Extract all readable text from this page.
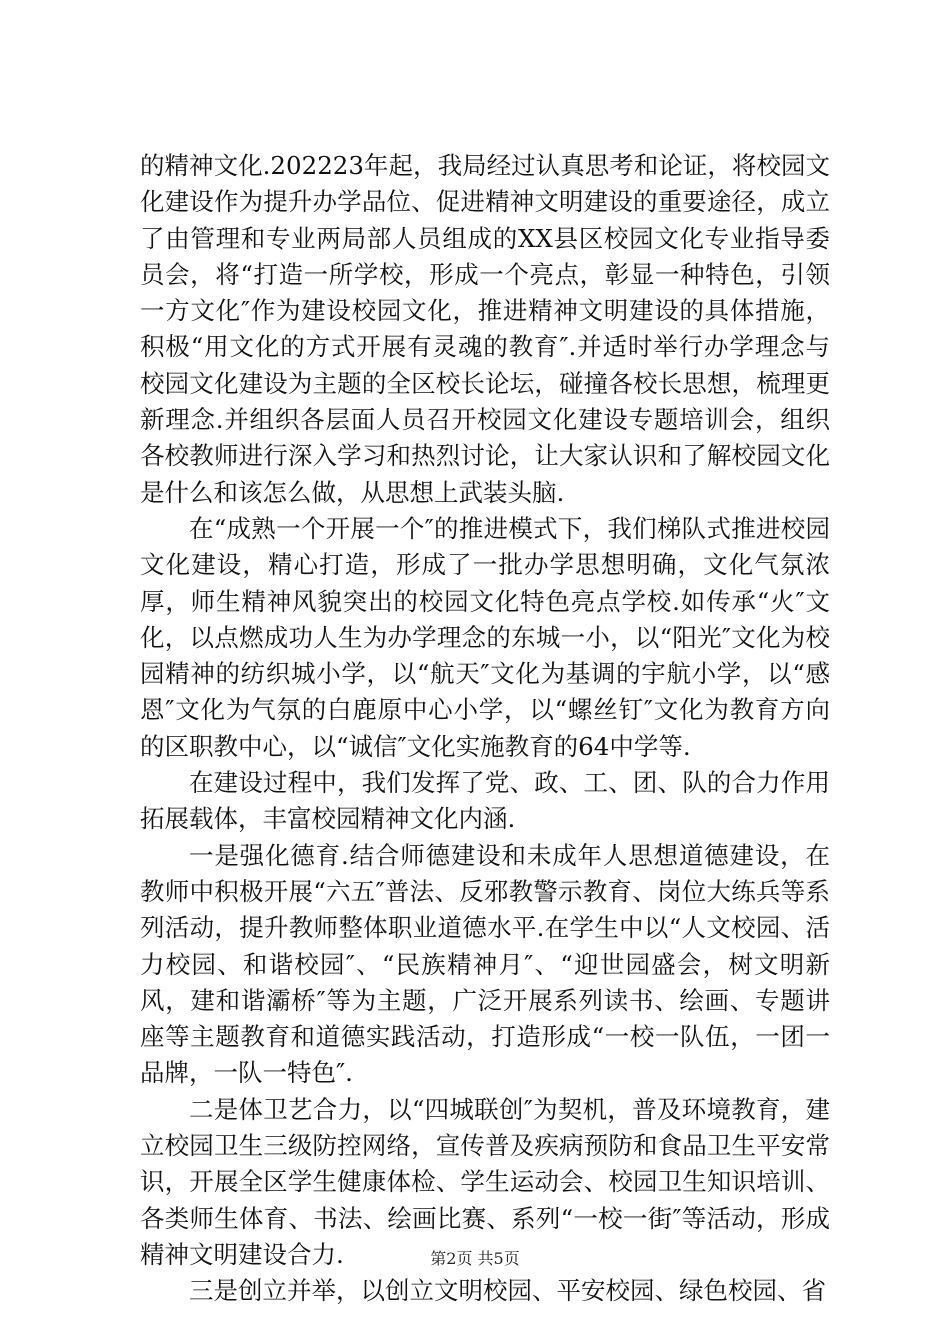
的精神文化.202223年起，我局经过认真思考和论证，将校园文化建设作为提升办学品位、促进精神文明建设的重要途径，成立了由管理和专业两局部人员组成的XX县区校园文化专业指导委员会，将“打造一所学校，形成一个亮点，彰显一种特色，引领一方文化″作为建设校园文化，推进精神文明建设的具体措施，积极“用文化的方式开展有灵魂的教育″.并适时举行办学理念与校园文化建设为主题的全区校长论坛，碰撞各校长思想，梳理更新理念.并组织各层面人员召开校园文化建设专题培训会，组织各校教师进行深入学习和热烈讨论，让大家认识和了解校园文化是什么和该怎么做，从思想上武装头脑.

在“成熟一个开展一个″的推进模式下，我们梯队式推进校园文化建设，精心打造，形成了一批办学思想明确，文化气氛浓厚，师生精神风貌突出的校园文化特色亮点学校.如传承“火″文化，以点燃成功人生为办学理念的东城一小，以“阳光″文化为校园精神的纺织城小学，以“航天″文化为基调的宇航小学，以“感恩″文化为气氛的白鹿原中心小学，以“螺丝钉″文化为教育方向的区职教中心，以“诚信″文化实施教育的64中学等.

在建设过程中，我们发挥了党、政、工、团、队的合力作用拓展载体，丰富校园精神文化内涵.

一是强化德育.结合师德建设和未成年人思想道德建设，在教师中积极开展“六五″普法、反邪教警示教育、岗位大练兵等系列活动，提升教师整体职业道德水平.在学生中以“人文校园、活力校园、和谐校园″、“民族精神月″、“迎世园盛会，树文明新风，建和谐灞桥″等为主题，广泛开展系列读书、绘画、专题讲座等主题教育和道德实践活动，打造形成“一校一队伍，一团一品牌，一队一特色″.

二是体卫艺合力，以“四城联创″为契机，普及环境教育，建立校园卫生三级防控网络，宣传普及疾病预防和食品卫生平安常识，开展全区学生健康体检、学生运动会、校园卫生知识培训、各类师生体育、书法、绘画比赛、系列“一校一街″等活动，形成精神文明建设合力.

三是创立并举，以创立文明校园、平安校园、绿色校园、省

第2页 共5页
